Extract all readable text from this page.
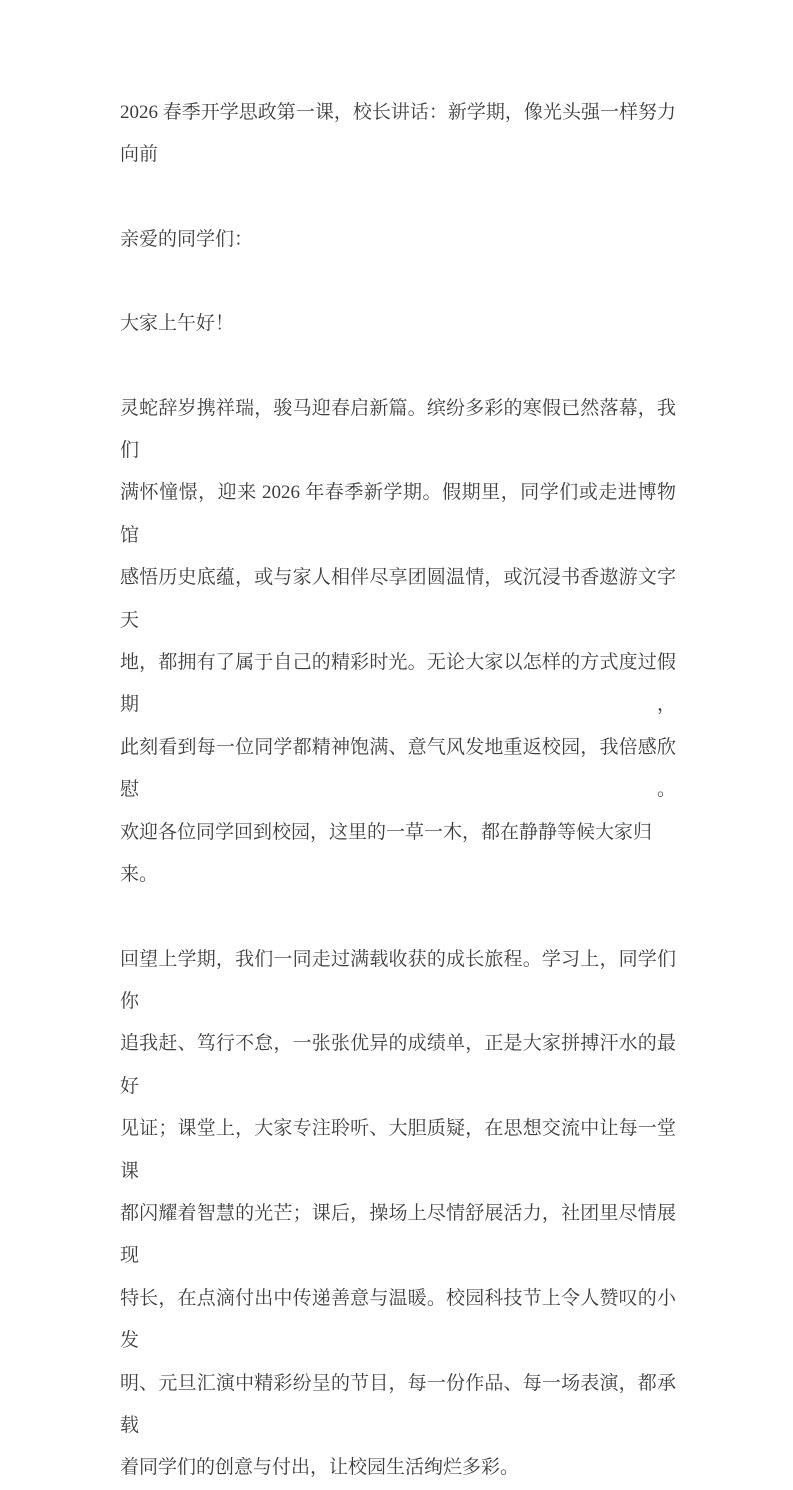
2026 春季开学思政第一课，校长讲话：新学期，像光头强一样努力
向前
亲爱的同学们：
大家上午好！
灵蛇辞岁携祥瑞，骏马迎春启新篇。缤纷多彩的寒假已然落幕，我们
满怀憧憬，迎来 2026 年春季新学期。假期里，同学们或走进博物馆
感悟历史底蕴，或与家人相伴尽享团圆温情，或沉浸书香遨游文字天
地，都拥有了属于自己的精彩时光。无论大家以怎样的方式度过假期，
此刻看到每一位同学都精神饱满、意气风发地重返校园，我倍感欣慰。
欢迎各位同学回到校园，这里的一草一木，都在静静等候大家归来。
回望上学期，我们一同走过满载收获的成长旅程。学习上，同学们你
追我赶、笃行不怠，一张张优异的成绩单，正是大家拼搏汗水的最好
见证；课堂上，大家专注聆听、大胆质疑，在思想交流中让每一堂课
都闪耀着智慧的光芒；课后，操场上尽情舒展活力，社团里尽情展现
特长，在点滴付出中传递善意与温暖。校园科技节上令人赞叹的小发
明、元旦汇演中精彩纷呈的节目，每一份作品、每一场表演，都承载
着同学们的创意与付出，让校园生活绚烂多彩。
